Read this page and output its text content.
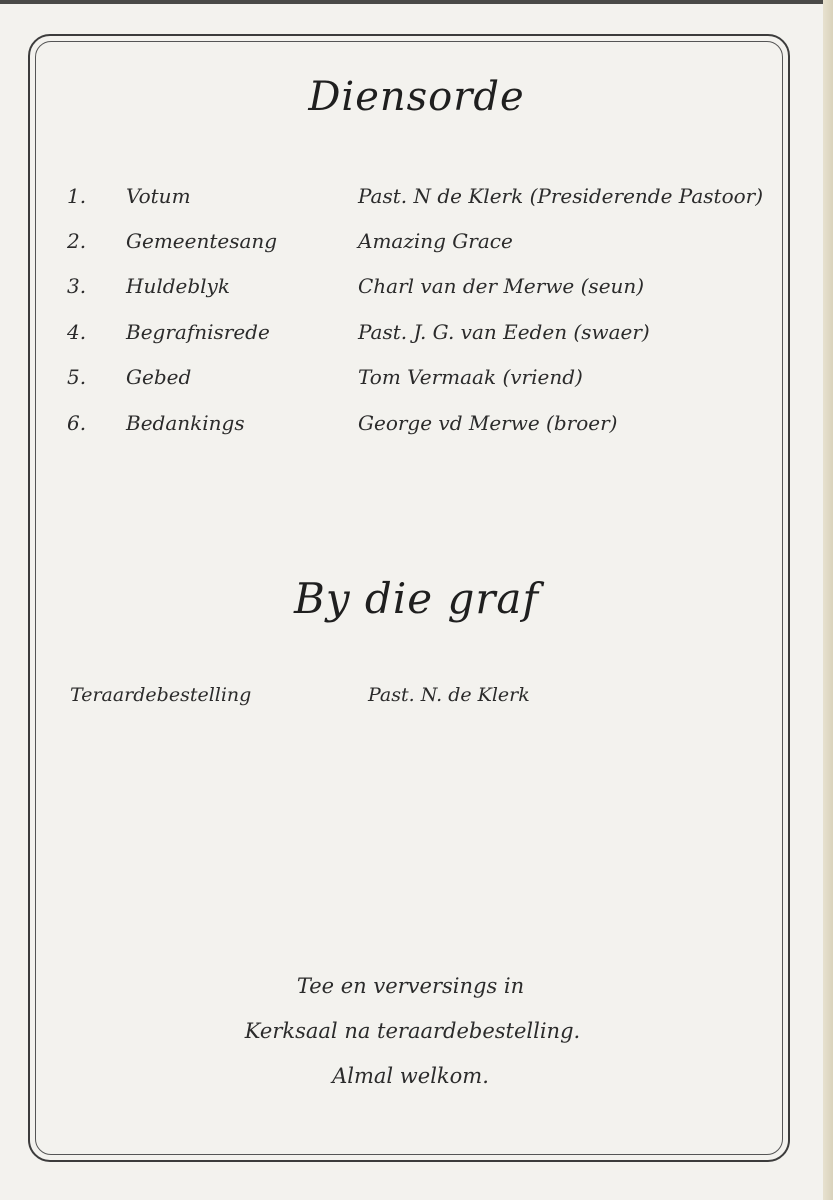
Diensorde
1. Votum	Past. N de Klerk (Presiderende Pastoor)
2. Gemeentesang	Amazing Grace
3. Huldeblyk	Charl van der Merwe (seun)
4. Begrafnisrede	Past. J. G. van Eeden (swaer)
5. Gebed	Tom Vermaak (vriend)
6. Bedankings	George vd Merwe (broer)
By die graf
Teraardebestelling	Past. N. de Klerk
Tee en verversings in
Kerksaal na teraardebestelling.
Almal welkom.
